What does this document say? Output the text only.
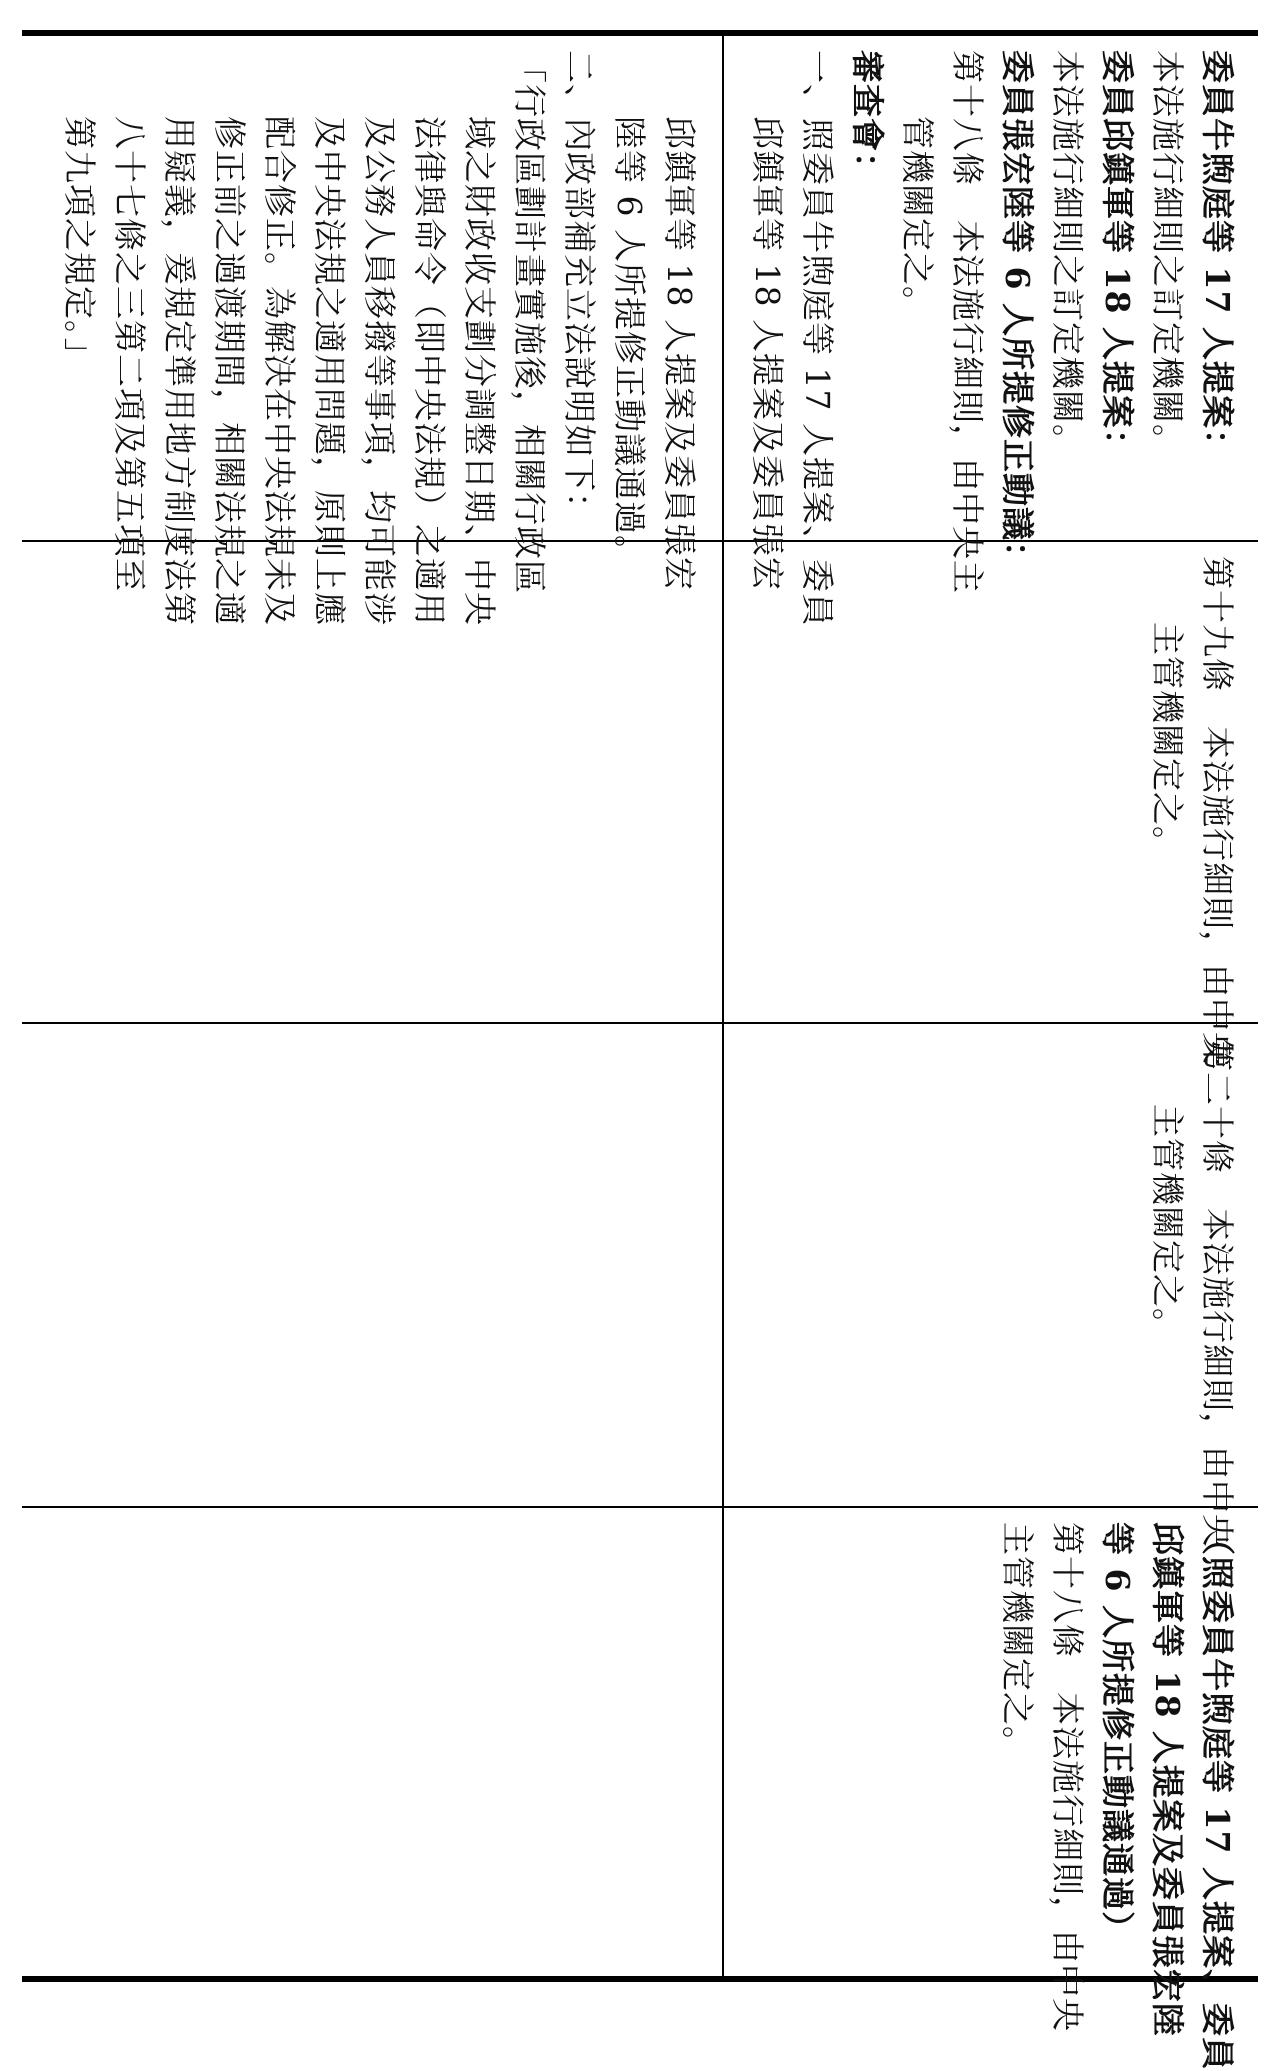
委員牛煦庭等 17 人提案：
本法施行細則之訂定機關。
委員邱鎮軍等 18 人提案：
本法施行細則之訂定機關。
委員張宏陸等 6 人所提修正動議：
第十八條　本法施行細則，由中央主
管機關定之。
審查會：
一、照委員牛煦庭等 17 人提案、委員
邱鎮軍等 18 人提案及委員張宏
第十九條　本法施行細則，由中央
主管機關定之。
第二十條　本法施行細則，由中央
主管機關定之。
（照委員牛煦庭等 17 人提案、委員
邱鎮軍等 18 人提案及委員張宏陸
等 6 人所提修正動議通過）
第十八條　本法施行細則，由中央
主管機關定之。
邱鎮軍等 18 人提案及委員張宏
陸等 6 人所提修正動議通過。
二、內政部補充立法說明如下：
「行政區劃計畫實施後，相關行政區
域之財政收支劃分調整日期、中央
法律與命令（即中央法規）之適用
及公務人員移撥等事項，均可能涉
及中央法規之適用問題，原則上應
配合修正。為解決在中央法規未及
修正前之過渡期間，相關法規之適
用疑義，爰規定準用地方制度法第
八十七條之三第二項及第五項至
第九項之規定。」
